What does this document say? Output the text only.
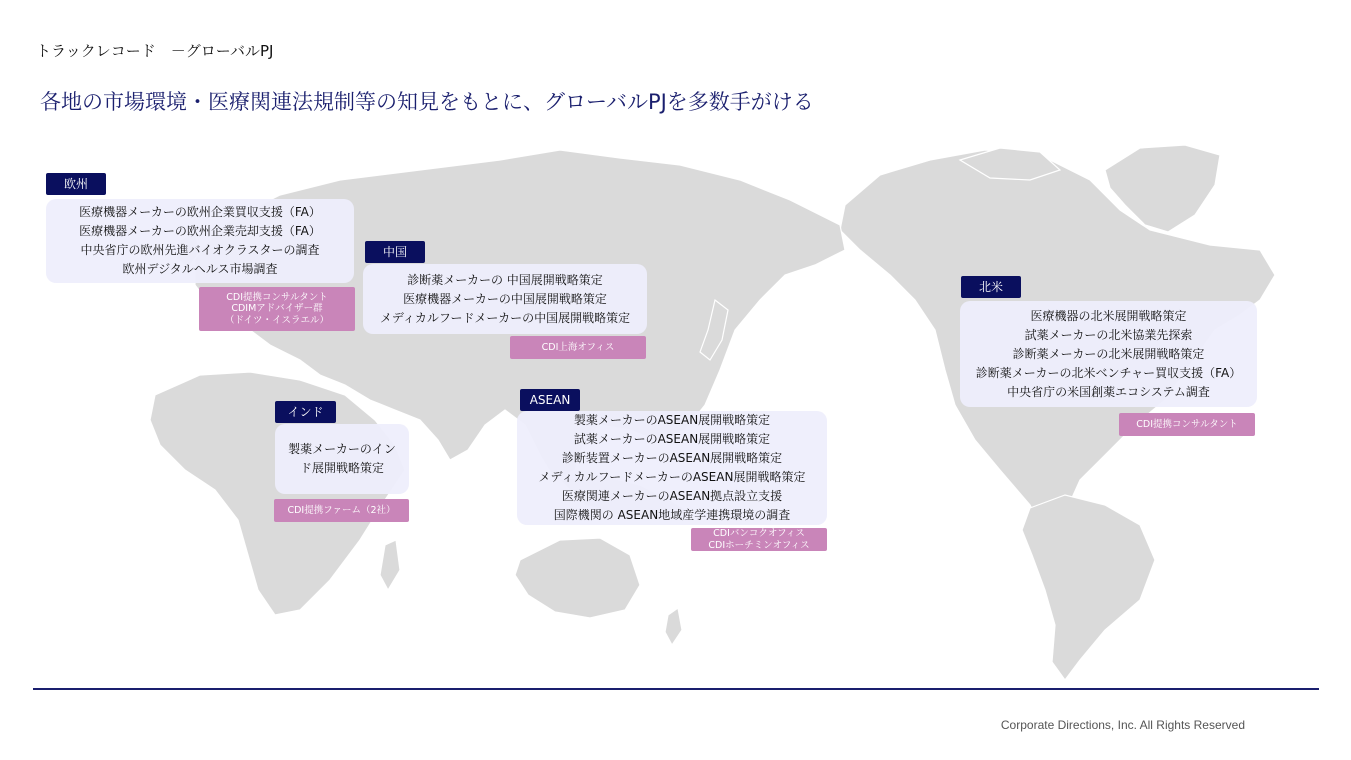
トラックレコード　－グローバルPJ
各地の市場環境・医療関連法規制等の知見をもとに、グローバルPJを多数手がける
医療機器メーカーの欧州企業買収支援（FA）
医療機器メーカーの欧州企業売却支援（FA）
中央省庁の欧州先進バイオクラスターの調査
欧州デジタルヘルス市場調査
欧州
CDI提携コンサルタント
CDIMアドバイザー群
（ドイツ・イスラエル）
診断薬メーカーの 中国展開戦略策定
医療機器メーカーの中国展開戦略策定
メディカルフードメーカーの中国展開戦略策定
中国
CDI上海オフィス
製薬メーカーのイン
ド展開戦略策定
インド
CDI提携ファーム（2社）
製薬メーカーのASEAN展開戦略策定
試薬メーカーのASEAN展開戦略策定
診断装置メーカーのASEAN展開戦略策定
メディカルフードメーカーのASEAN展開戦略策定
医療関連メーカーのASEAN拠点設立支援
国際機関の ASEAN地域産学連携環境の調査
ASEAN
CDIバンコクオフィス
CDIホーチミンオフィス
医療機器の北米展開戦略策定
試薬メーカーの北米協業先探索
診断薬メーカーの北米展開戦略策定
診断薬メーカーの北米ベンチャー買収支援（FA）
中央省庁の米国創薬エコシステム調査
北米
CDI提携コンサルタント
Corporate Directions, Inc. All Rights Reserved
